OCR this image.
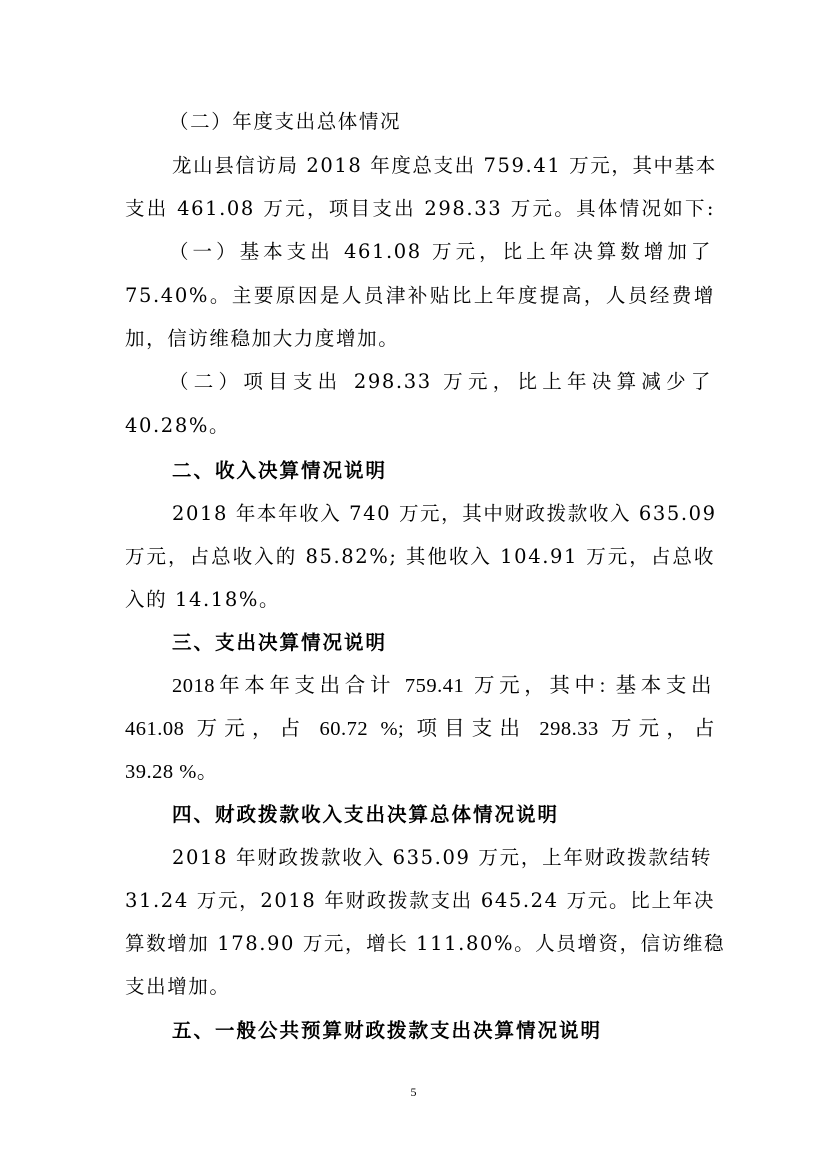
（二）年度支出总体情况
龙山县信访局 2018 年度总支出 759.41 万元，其中基本
支出 461.08 万元，项目支出 298.33 万元。具体情况如下:
（一）基本支出 461.08 万元，比上年决算数增加了
75.40%。主要原因是人员津补贴比上年度提高，人员经费增
加，信访维稳加大力度增加。
（二）项目支出 298.33 万元，比上年决算减少了
40.28%。
二、收入决算情况说明
2018 年本年收入 740 万元，其中财政拨款收入 635.09
万元，占总收入的 85.82%; 其他收入 104.91 万元，占总收
入的 14.18%。
三、支出决算情况说明
2018年本年支出合计 759.41 万元，其中: 基本支出
461.08 万元，占 60.72 %; 项目支出 298.33 万元，占
39.28 %。
四、财政拨款收入支出决算总体情况说明
2018 年财政拨款收入 635.09 万元，上年财政拨款结转
31.24 万元，2018 年财政拨款支出 645.24 万元。比上年决
算数增加 178.90 万元，增长 111.80%。人员增资，信访维稳
支出增加。
五、一般公共预算财政拨款支出决算情况说明
5
